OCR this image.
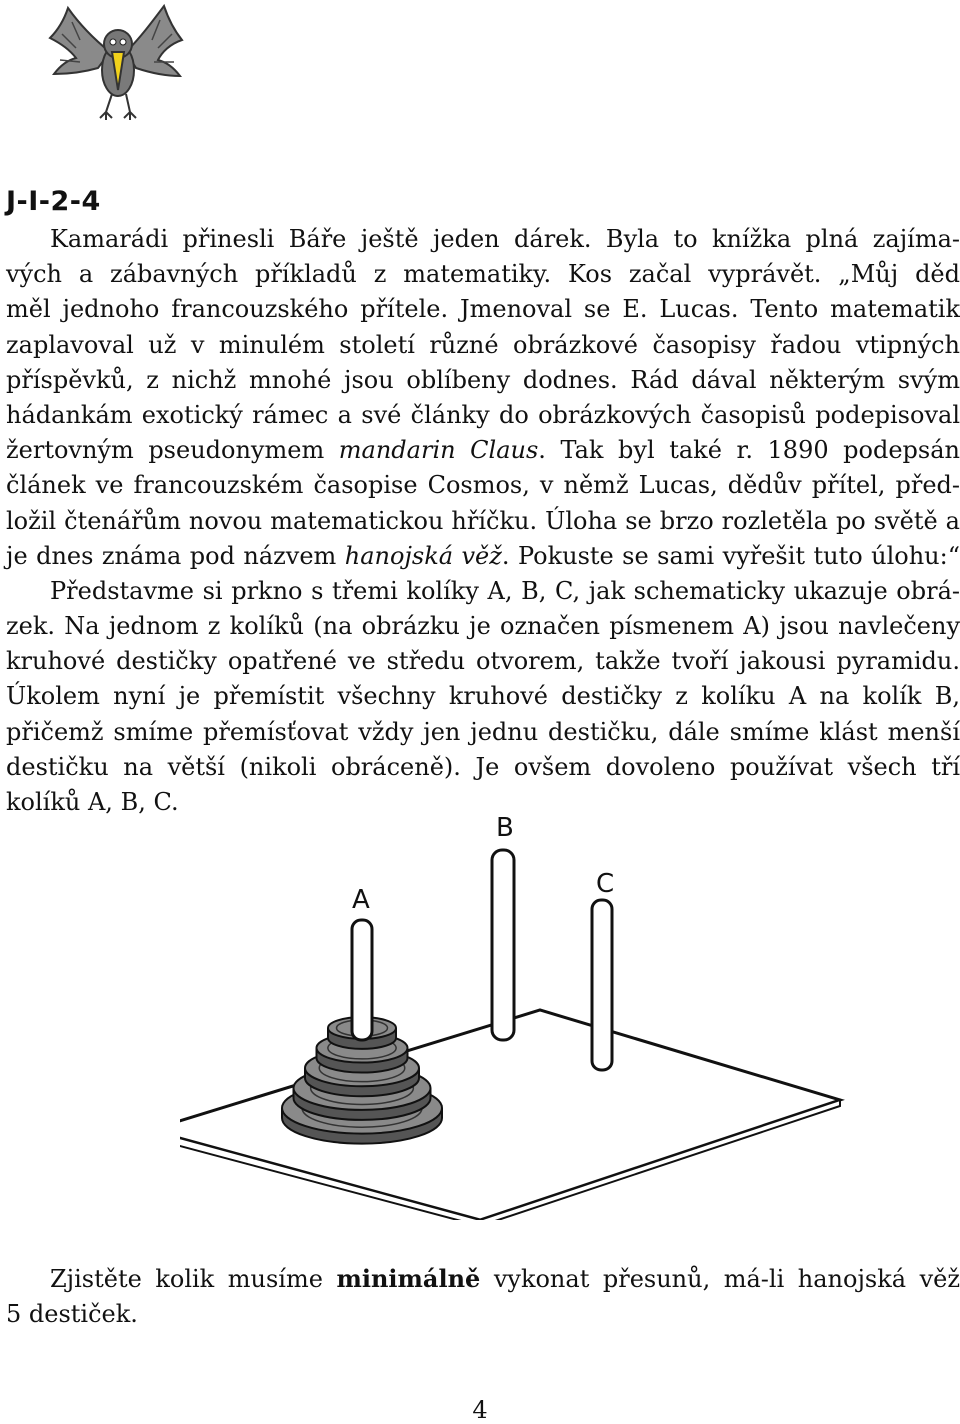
J-I-2-4
Kamarádi přinesli Báře ještě jeden dárek. Byla to knížka plná zajíma-
vých a zábavných příkladů z matematiky. Kos začal vyprávět. „Můj děd
měl jednoho francouzského přítele. Jmenoval se E. Lucas. Tento matematik
zaplavoval už v minulém století různé obrázkové časopisy řadou vtipných
příspěvků, z nichž mnohé jsou oblíbeny dodnes. Rád dával některým svým
hádankám exotický rámec a své články do obrázkových časopisů podepisoval
žertovným pseudonymem mandarin Claus. Tak byl také r. 1890 podepsán
článek ve francouzském časopise Cosmos, v němž Lucas, dědův přítel, před-
ložil čtenářům novou matematickou hříčku. Úloha se brzo rozletěla po světě a
je dnes známa pod názvem hanojská věž. Pokuste se sami vyřešit tuto úlohu:“
Představme si prkno s třemi kolíky A, B, C, jak schematicky ukazuje obrá-
zek. Na jednom z kolíků (na obrázku je označen písmenem A) jsou navlečeny
kruhové destičky opatřené ve středu otvorem, takže tvoří jakousi pyramidu.
Úkolem nyní je přemístit všechny kruhové destičky z kolíku A na kolík B,
přičemž smíme přemísťovat vždy jen jednu destičku, dále smíme klást menší
destičku na větší (nikoli obráceně). Je ovšem dovoleno používat všech tří
kolíků A, B, C.
A
B
C
Zjistěte kolik musíme minimálně vykonat přesunů, má-li hanojská věž
5 destiček.
4
